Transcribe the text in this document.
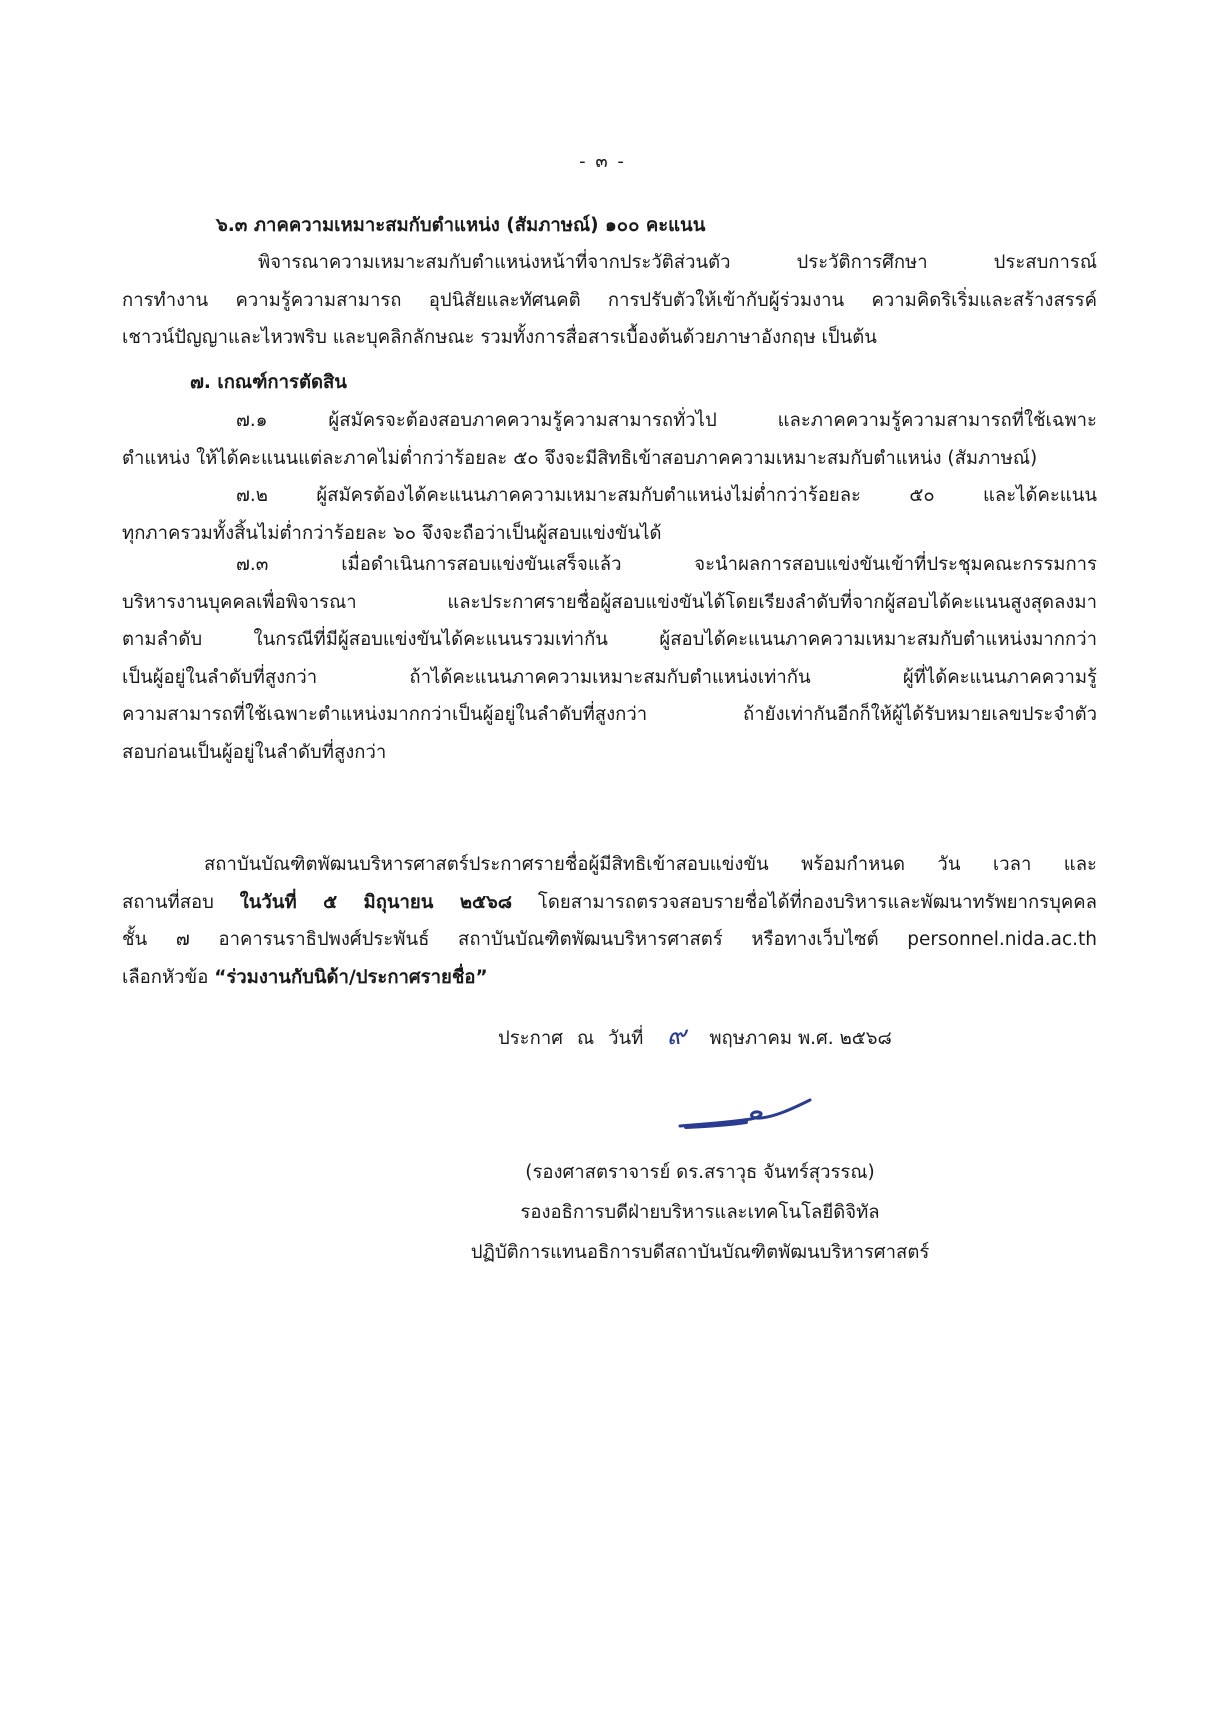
- ๓ -
๖.๓ ภาคความเหมาะสมกับตำแหน่ง (สัมภาษณ์) ๑๐๐ คะแนน
พิจารณาความเหมาะสมกับตำแหน่งหน้าที่จากประวัติส่วนตัว ประวัติการศึกษา ประสบการณ์
การทำงาน ความรู้ความสามารถ อุปนิสัยและทัศนคติ การปรับตัวให้เข้ากับผู้ร่วมงาน ความคิดริเริ่มและสร้างสรรค์
เชาวน์ปัญญาและไหวพริบ และบุคลิกลักษณะ รวมทั้งการสื่อสารเบื้องต้นด้วยภาษาอังกฤษ เป็นต้น
๗. เกณฑ์การตัดสิน
๗.๑ ผู้สมัครจะต้องสอบภาคความรู้ความสามารถทั่วไป และภาคความรู้ความสามารถที่ใช้เฉพาะ
ตำแหน่ง ให้ได้คะแนนแต่ละภาคไม่ต่ำกว่าร้อยละ ๕๐ จึงจะมีสิทธิเข้าสอบภาคความเหมาะสมกับตำแหน่ง (สัมภาษณ์)
๗.๒ ผู้สมัครต้องได้คะแนนภาคความเหมาะสมกับตำแหน่งไม่ต่ำกว่าร้อยละ ๕๐ และได้คะแนน
ทุกภาครวมทั้งสิ้นไม่ต่ำกว่าร้อยละ ๖๐ จึงจะถือว่าเป็นผู้สอบแข่งขันได้
๗.๓ เมื่อดำเนินการสอบแข่งขันเสร็จแล้ว จะนำผลการสอบแข่งขันเข้าที่ประชุมคณะกรรมการ
บริหารงานบุคคลเพื่อพิจารณา และประกาศรายชื่อผู้สอบแข่งขันได้โดยเรียงลำดับที่จากผู้สอบได้คะแนนสูงสุดลงมา
ตามลำดับ ในกรณีที่มีผู้สอบแข่งขันได้คะแนนรวมเท่ากัน ผู้สอบได้คะแนนภาคความเหมาะสมกับตำแหน่งมากกว่า
เป็นผู้อยู่ในลำดับที่สูงกว่า ถ้าได้คะแนนภาคความเหมาะสมกับตำแหน่งเท่ากัน ผู้ที่ได้คะแนนภาคความรู้
ความสามารถที่ใช้เฉพาะตำแหน่งมากกว่าเป็นผู้อยู่ในลำดับที่สูงกว่า ถ้ายังเท่ากันอีกก็ให้ผู้ได้รับหมายเลขประจำตัว
สอบก่อนเป็นผู้อยู่ในลำดับที่สูงกว่า
สถาบันบัณฑิตพัฒนบริหารศาสตร์ประกาศรายชื่อผู้มีสิทธิเข้าสอบแข่งขัน พร้อมกำหนด วัน เวลา และ
สถานที่สอบ ในวันที่ ๕ มิถุนายน ๒๕๖๘ โดยสามารถตรวจสอบรายชื่อได้ที่กองบริหารและพัฒนาทรัพยากรบุคคล
ชั้น ๗ อาคารนราธิปพงศ์ประพันธ์ สถาบันบัณฑิตพัฒนบริหารศาสตร์ หรือทางเว็บไซต์ personnel.nida.ac.th
เลือกหัวข้อ “ร่วมงานกับนิด้า/ประกาศรายชื่อ”
ประกาศ ณ วันที่ ๙ พฤษภาคม พ.ศ. ๒๕๖๘
(รองศาสตราจารย์ ดร.สราวุธ จันทร์สุวรรณ)
รองอธิการบดีฝ่ายบริหารและเทคโนโลยีดิจิทัล
ปฏิบัติการแทนอธิการบดีสถาบันบัณฑิตพัฒนบริหารศาสตร์
